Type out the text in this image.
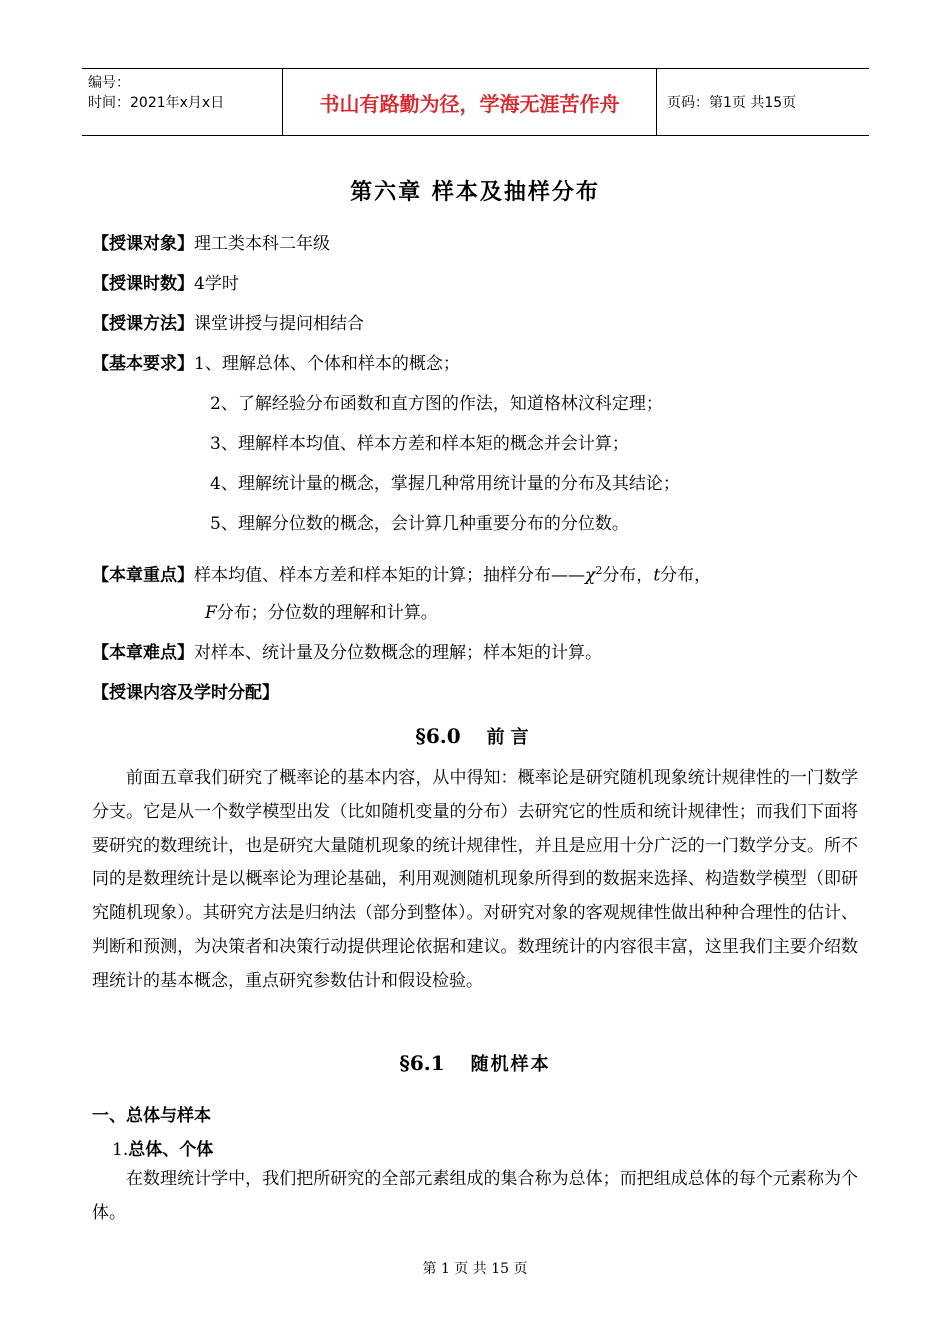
编号：
时间：2021年x月x日	书山有路勤为径，学海无涯苦作舟	页码：第1页 共15页
第六章 样本及抽样分布
【授课对象】理工类本科二年级
【授课时数】4学时
【授课方法】课堂讲授与提问相结合
【基本要求】1、理解总体、个体和样本的概念；
2、了解经验分布函数和直方图的作法，知道格林汶科定理；
3、理解样本均值、样本方差和样本矩的概念并会计算；
4、理解统计量的概念，掌握几种常用统计量的分布及其结论；
5、理解分位数的概念，会计算几种重要分布的分位数。
【本章重点】样本均值、样本方差和样本矩的计算；抽样分布$——\chi^2$分布，t分布，
F分布；分位数的理解和计算。
【本章难点】对样本、统计量及分位数概念的理解；样本矩的计算。
【授课内容及学时分配】
§6.0 前言
前面五章我们研究了概率论的基本内容，从中得知：概率论是研究随机现象统计规律性的一门数学分支。它是从一个数学模型出发（比如随机变量的分布）去研究它的性质和统计规律性；而我们下面将要研究的数理统计，也是研究大量随机现象的统计规律性，并且是应用十分广泛的一门数学分支。所不同的是数理统计是以概率论为理论基础，利用观测随机现象所得到的数据来选择、构造数学模型（即研究随机现象）。其研究方法是归纳法（部分到整体）。对研究对象的客观规律性做出种种合理性的估计、判断和预测，为决策者和决策行动提供理论依据和建议。数理统计的内容很丰富，这里我们主要介绍数理统计的基本概念，重点研究参数估计和假设检验。
§6.1 随机样本
一、总体与样本
1.总体、个体
在数理统计学中，我们把所研究的全部元素组成的集合称为总体；而把组成总体的每个元素称为个体。
第 1 页 共 15 页
